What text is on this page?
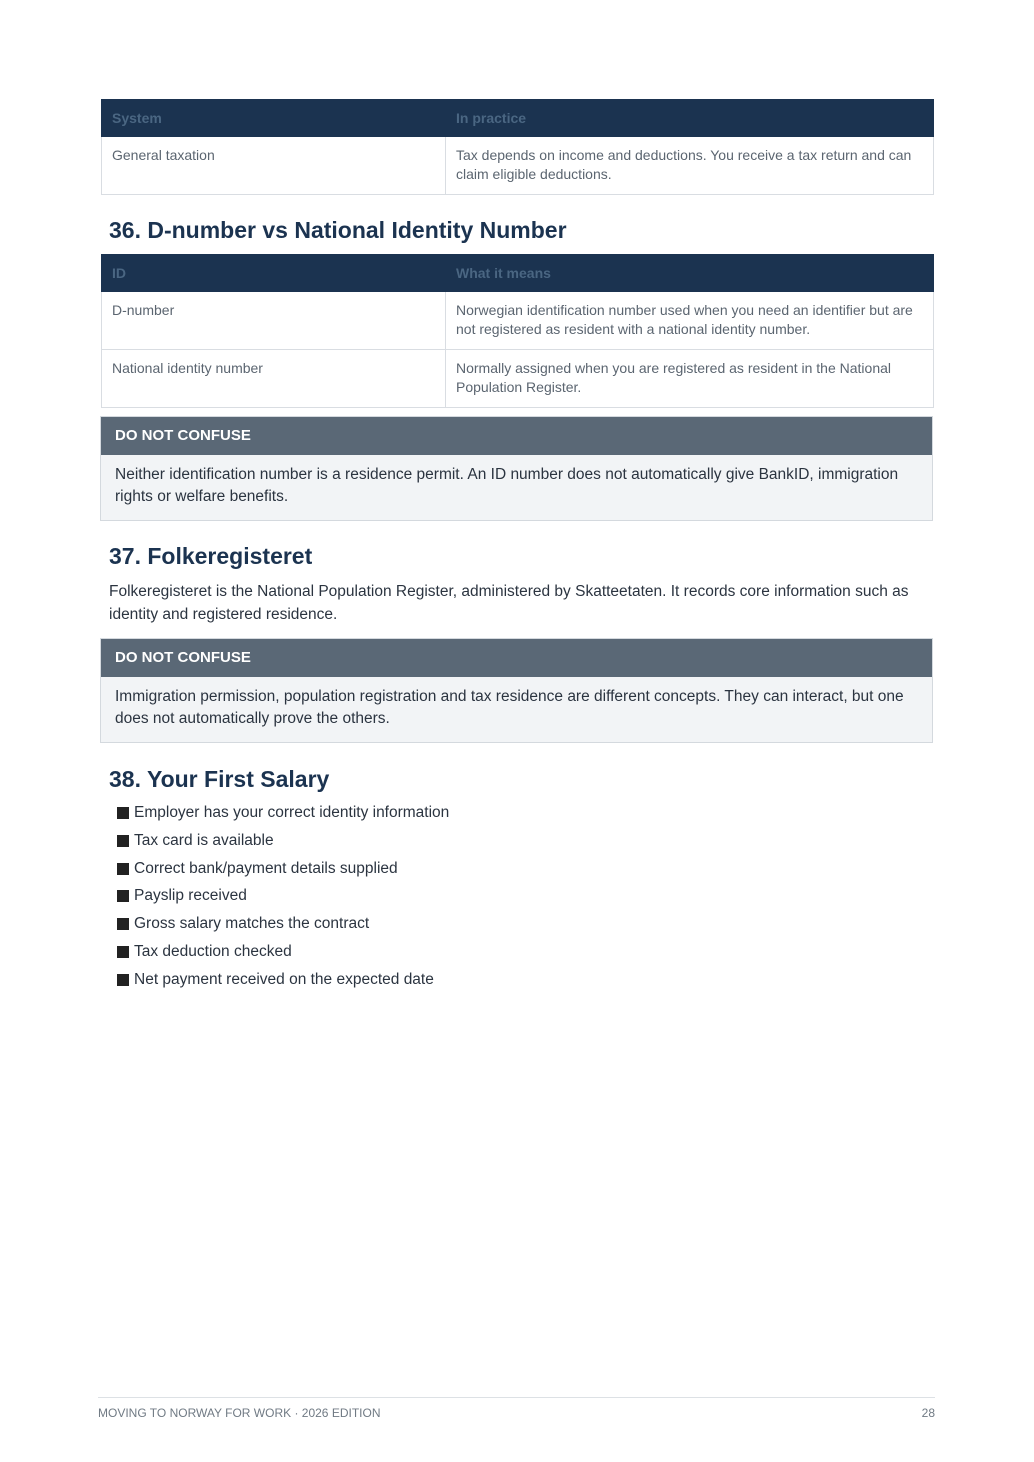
System	In practice
General taxation	Tax depends on income and deductions. You receive a tax return and can claim eligible deductions.
36. D-number vs National Identity Number
ID	What it means
D-number	Norwegian identification number used when you need an identifier but are not registered as resident with a national identity number.
National identity number	Normally assigned when you are registered as resident in the National Population Register.
DO NOT CONFUSE
Neither identification number is a residence permit. An ID number does not automatically give BankID, immigration rights or welfare benefits.
37. Folkeregisteret

Folkeregisteret is the National Population Register, administered by Skatteetaten. It records core information such as identity and registered residence.

DO NOT CONFUSE
Immigration permission, population registration and tax residence are different concepts. They can interact, but one does not automatically prove the others.
38. Your First Salary
Employer has your correct identity information
Tax card is available
Correct bank/payment details supplied
Payslip received
Gross salary matches the contract
Tax deduction checked
Net payment received on the expected date
MOVING TO NORWAY FOR WORK · 2026 EDITION	28
